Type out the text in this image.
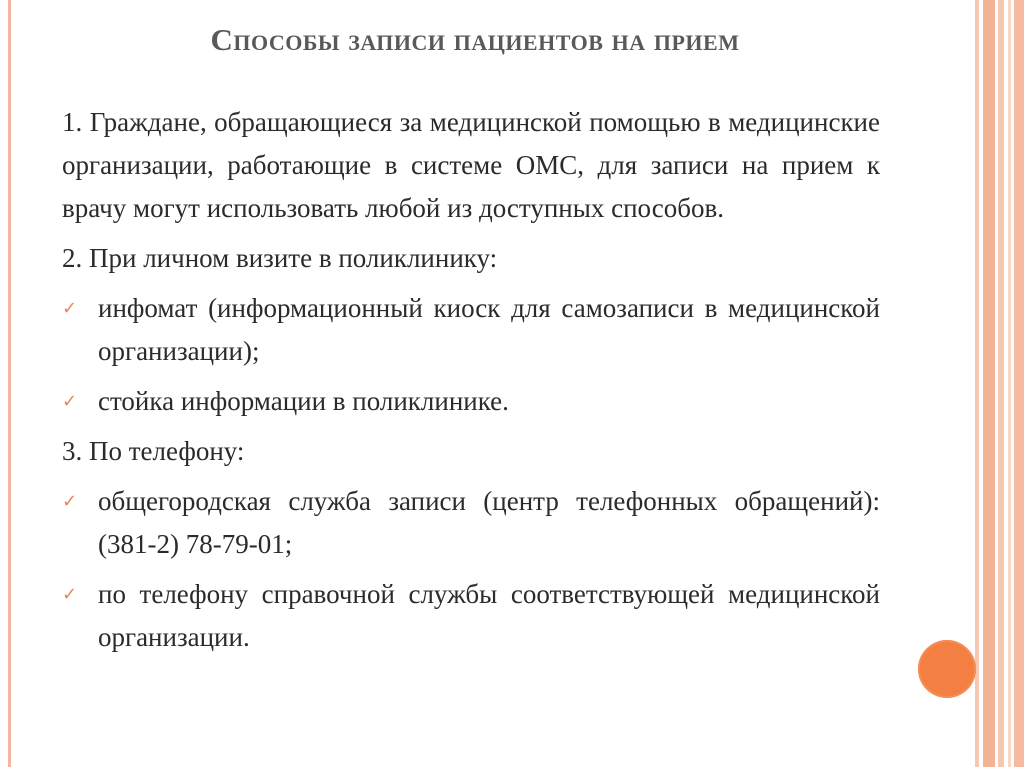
Способы записи пациентов на прием

1. Граждане, обращающиеся за медицинской помощью в медицинские организации, работающие в системе ОМС, для записи на прием к врачу могут использовать любой из доступных способов.

2. При личном визите в поликлинику:

✓ инфомат (информационный киоск для самозаписи в медицинской организации);
✓ стойка информации в поликлинике.

3. По телефону:

✓ общегородская служба записи (центр телефонных обращений): (381-2) 78-79-01;
✓ по телефону справочной службы соответствующей медицинской организации.
